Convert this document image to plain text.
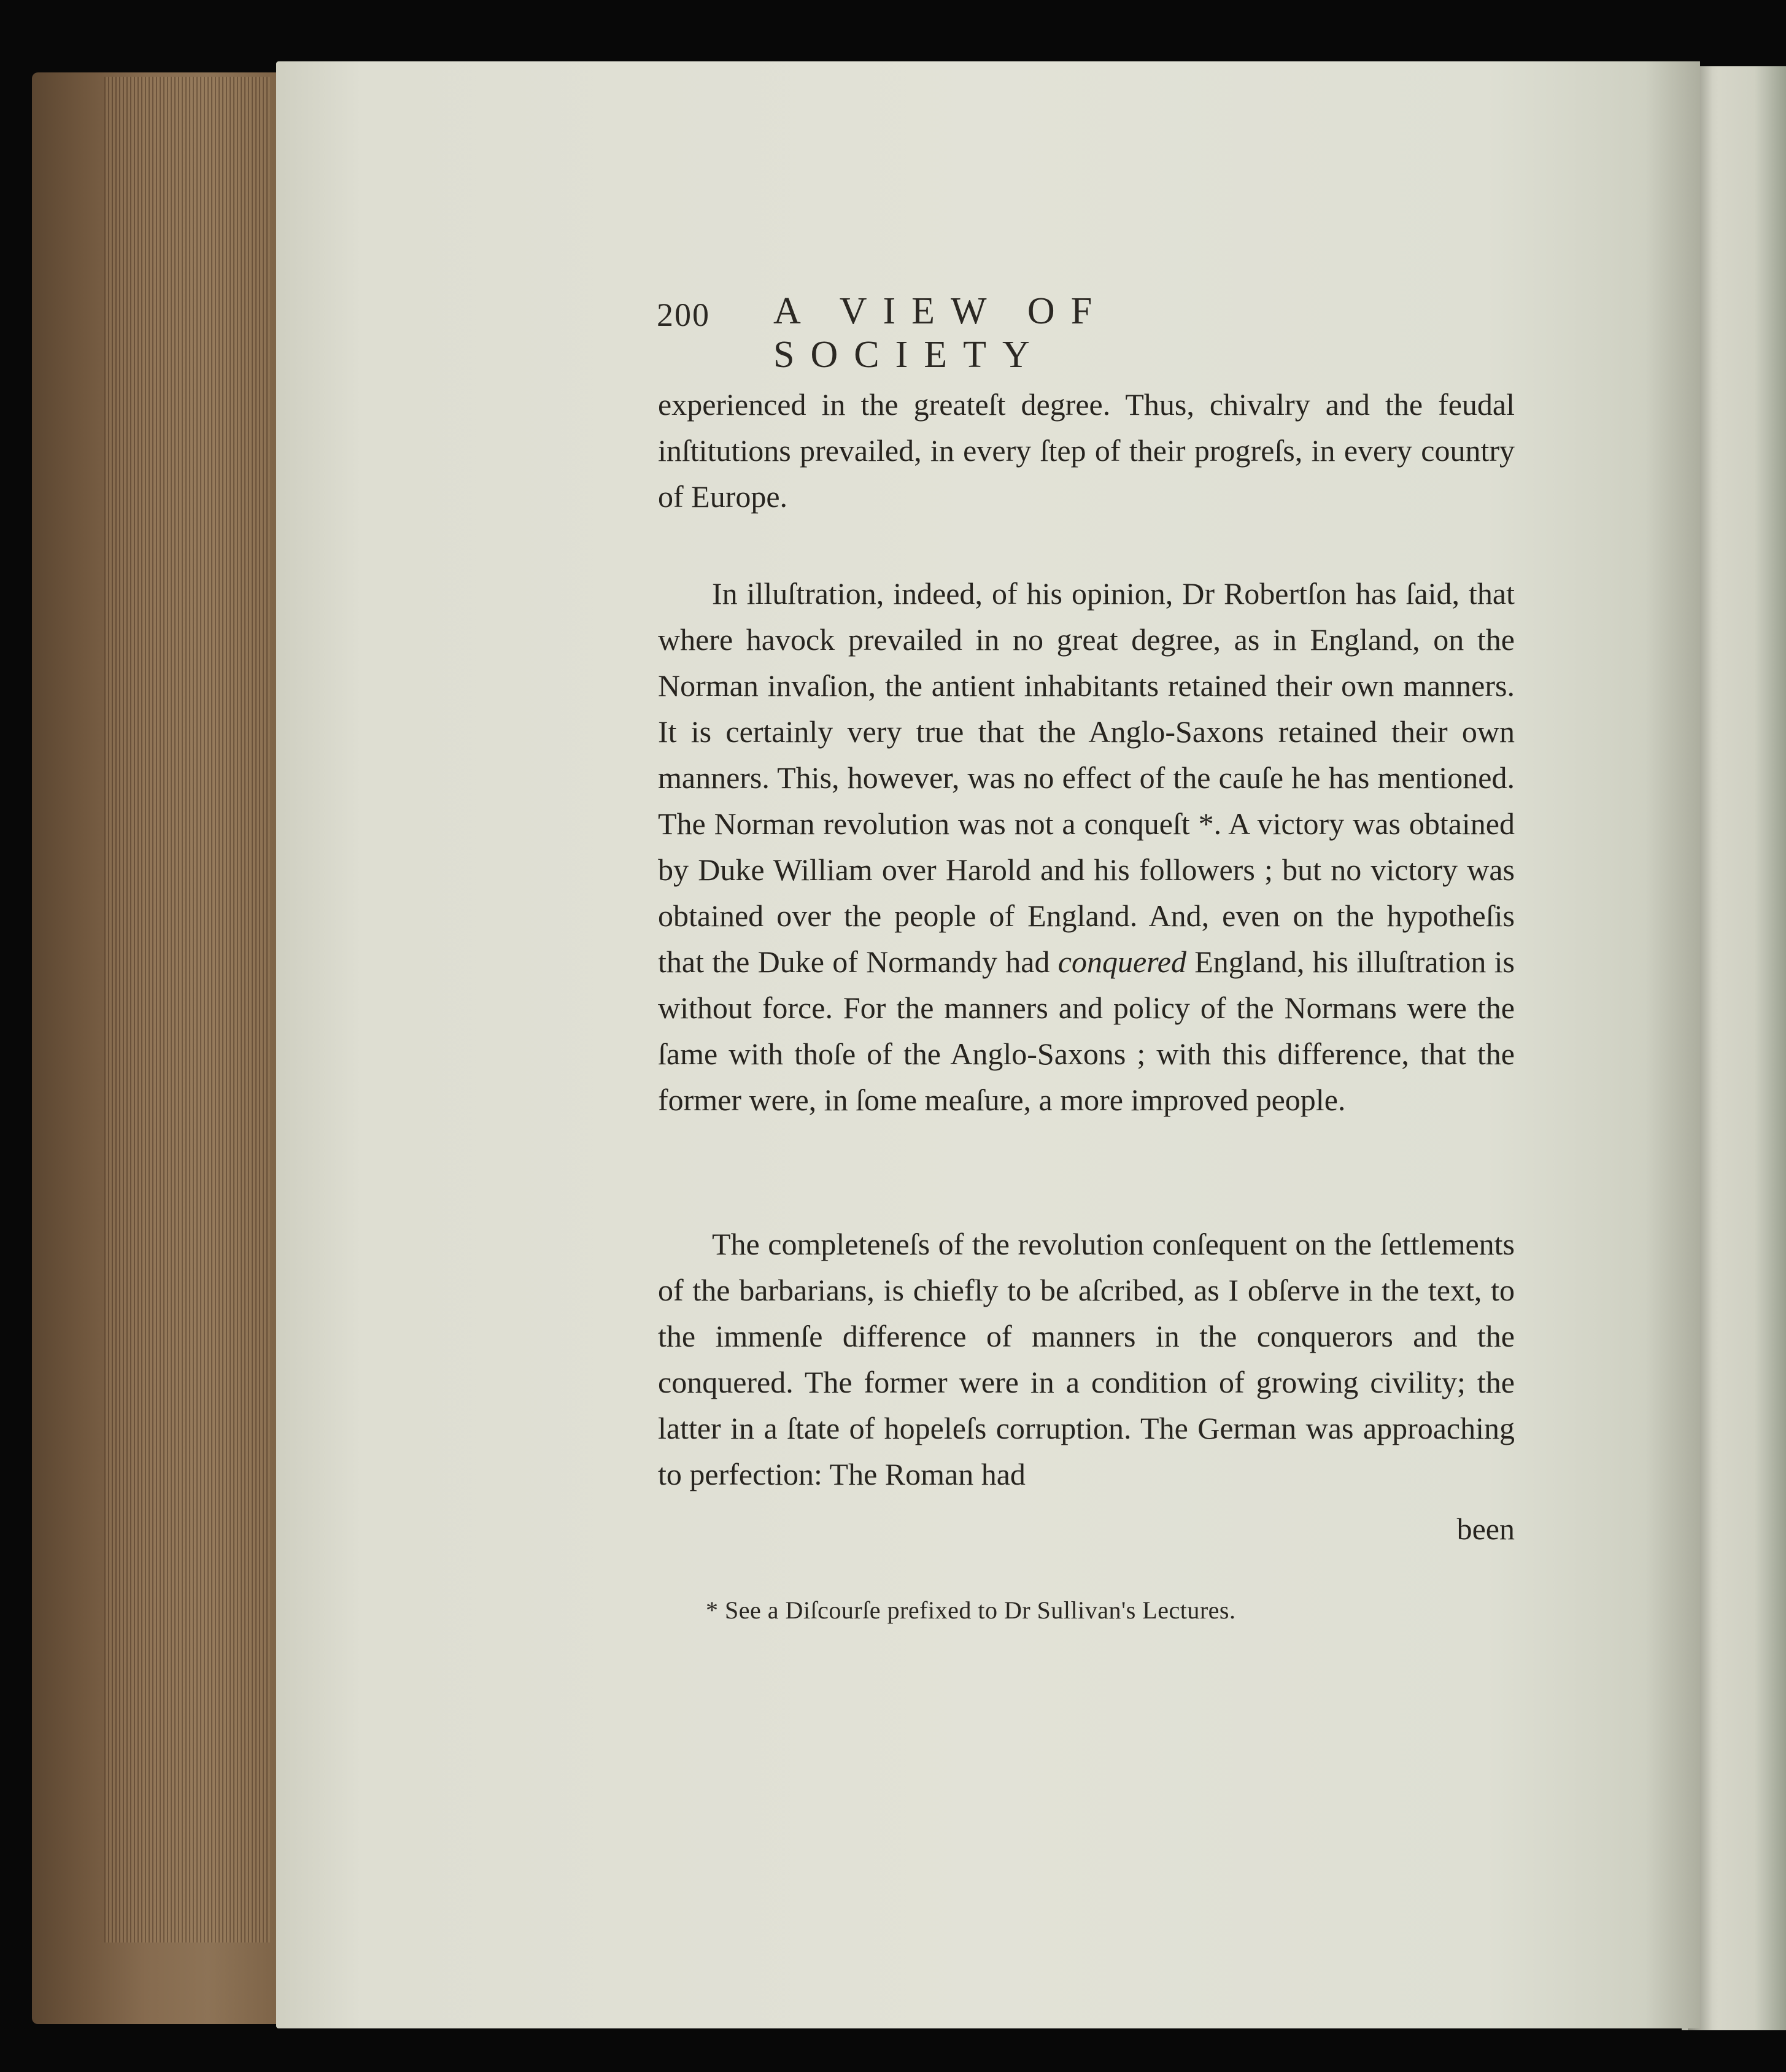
200 A VIEW OF SOCIETY
experienced in the greateſt degree. Thus, chivalry and the feudal inſtitutions prevailed, in every ſtep of their progreſs, in every country of Europe.
In illuſtration, indeed, of his opinion, Dr Robertſon has ſaid, that where havock prevailed in no great degree, as in England, on the Norman invaſion, the antient inhabitants retained their own manners. It is certainly very true that the Anglo-Saxons retained their own manners. This, however, was no effect of the cauſe he has mentioned. The Norman revolution was not a conqueſt *. A victory was obtained by Duke William over Harold and his followers ; but no victory was obtained over the people of England. And, even on the hypotheſis that the Duke of Normandy had conquered England, his illuſtration is without force. For the manners and policy of the Normans were the ſame with thoſe of the Anglo-Saxons ; with this difference, that the former were, in ſome meaſure, a more improved people.
The completeneſs of the revolution conſequent on the ſettlements of the barbarians, is chiefly to be aſcribed, as I obſerve in the text, to the immenſe difference of manners in the conquerors and the conquered. The former were in a condition of growing civility; the latter in a ſtate of hopeleſs corruption. The German was approaching to perfection: The Roman had
been
* See a Diſcourſe prefixed to Dr Sullivan's Lectures.
